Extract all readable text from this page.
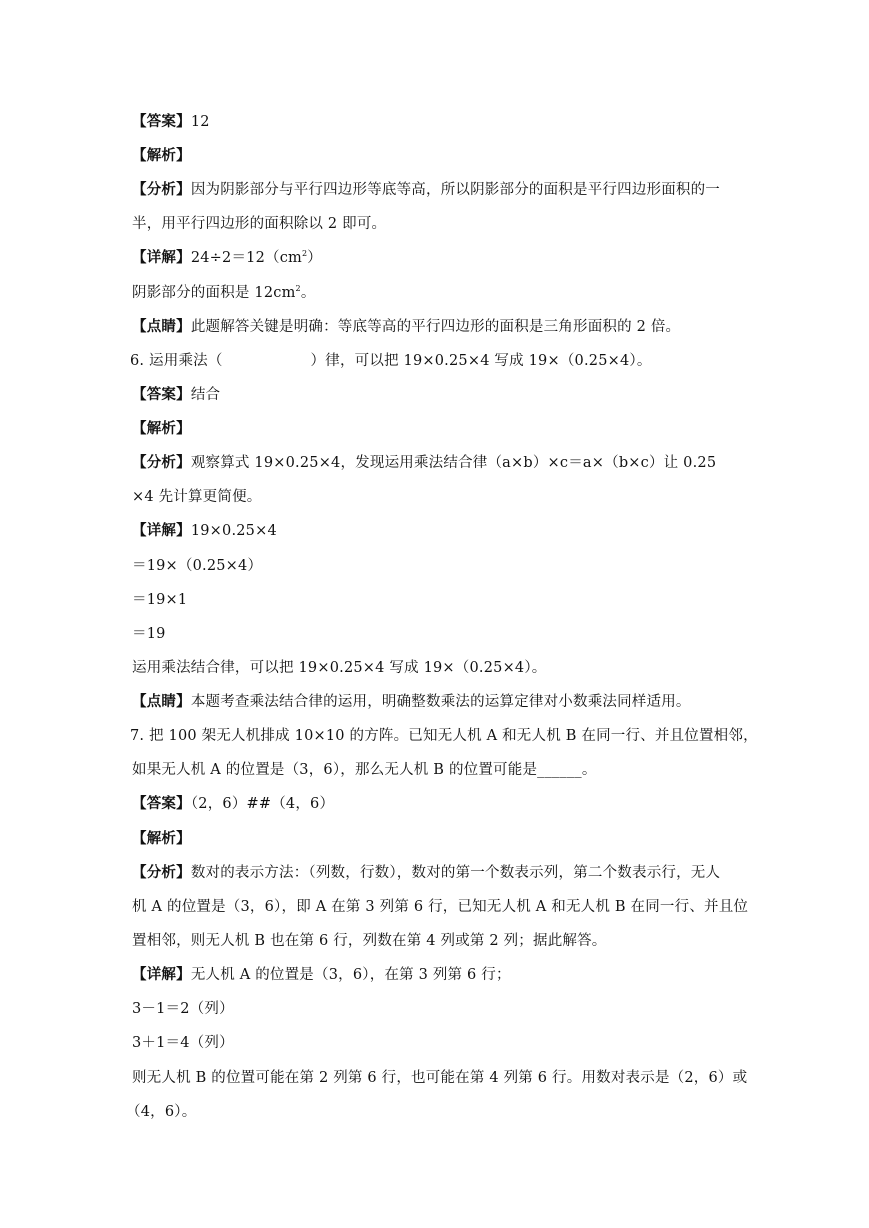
【答案】12
【解析】
【分析】因为阴影部分与平行四边形等底等高，所以阴影部分的面积是平行四边形面积的一
半，用平行四边形的面积除以 2 即可。
【详解】$24\div 2=12(cm^2)$
阴影部分的面积是 $12cm^2$。
【点睛】此题解答关键是明确：等底等高的平行四边形的面积是三角形面积的 2 倍。
6. 运用乘法（	）律，可以把 19×0.25×4 写成 19×（0.25×4）。
【答案】结合
【解析】
【分析】观察算式 19×0.25×4，发现运用乘法结合律（a×b）×c＝a×（b×c）让 0.25
×4 先计算更简便。
【详解】19×0.25×4
＝19×（0.25×4）
＝19×1
＝19
运用乘法结合律，可以把 19×0.25×4 写成 19×（0.25×4）。
【点睛】本题考查乘法结合律的运用，明确整数乘法的运算定律对小数乘法同样适用。
7. 把 100 架无人机排成 10×10 的方阵。已知无人机 A 和无人机 B 在同一行、并且位置相邻，
如果无人机 A 的位置是（3，6），那么无人机 B 的位置可能是______。
【答案】（2，6）##（4，6）
【解析】
【分析】数对的表示方法：（列数，行数），数对的第一个数表示列，第二个数表示行，无人
机 A 的位置是（3，6），即 A 在第 3 列第 6 行，已知无人机 A 和无人机 B 在同一行、并且位
置相邻，则无人机 B 也在第 6 行，列数在第 4 列或第 2 列；据此解答。
【详解】无人机 A 的位置是（3，6），在第 3 列第 6 行；
3－1＝2（列）
3＋1＝4（列）
则无人机 B 的位置可能在第 2 列第 6 行，也可能在第 4 列第 6 行。用数对表示是（2，6）或
（4，6）。
